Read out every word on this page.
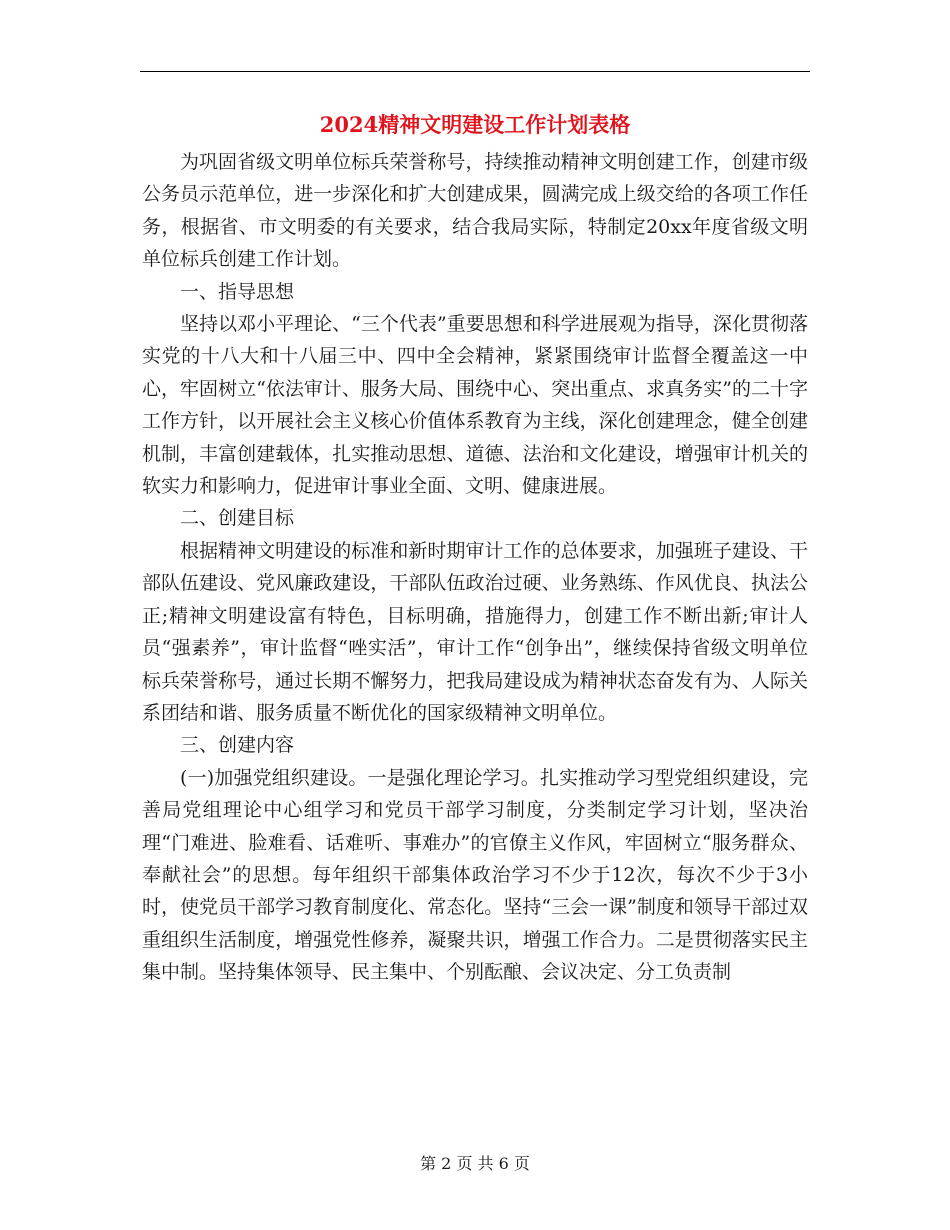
2024精神文明建设工作计划表格

为巩固省级文明单位标兵荣誉称号，持续推动精神文明创建工作，创建市级公务员示范单位，进一步深化和扩大创建成果，圆满完成上级交给的各项工作任务，根据省、市文明委的有关要求，结合我局实际，特制定20xx年度省级文明单位标兵创建工作计划。

一、指导思想

坚持以邓小平理论、“三个代表”重要思想和科学进展观为指导，深化贯彻落实党的十八大和十八届三中、四中全会精神，紧紧围绕审计监督全覆盖这一中心，牢固树立“依法审计、服务大局、围绕中心、突出重点、求真务实”的二十字工作方针，以开展社会主义核心价值体系教育为主线，深化创建理念，健全创建机制，丰富创建载体，扎实推动思想、道德、法治和文化建设，增强审计机关的软实力和影响力，促进审计事业全面、文明、健康进展。

二、创建目标

根据精神文明建设的标准和新时期审计工作的总体要求，加强班子建设、干部队伍建设、党风廉政建设，干部队伍政治过硬、业务熟练、作风优良、执法公正;精神文明建设富有特色，目标明确，措施得力，创建工作不断出新;审计人员“强素养”，审计监督“唑实活”，审计工作“创争出”，继续保持省级文明单位标兵荣誉称号，通过长期不懈努力，把我局建设成为精神状态奋发有为、人际关系团结和谐、服务质量不断优化的国家级精神文明单位。

三、创建内容

(一)加强党组织建设。一是强化理论学习。扎实推动学习型党组织建设，完善局党组理论中心组学习和党员干部学习制度，分类制定学习计划，坚决治理“门难进、脸难看、话难听、事难办”的官僚主义作风，牢固树立“服务群众、奉献社会”的思想。每年组织干部集体政治学习不少于12次，每次不少于3小时，使党员干部学习教育制度化、常态化。坚持“三会一课”制度和领导干部过双重组织生活制度，增强党性修养，凝聚共识，增强工作合力。二是贯彻落实民主集中制。坚持集体领导、民主集中、个别酝酿、会议决定、分工负责制

第 2 页 共 6 页
